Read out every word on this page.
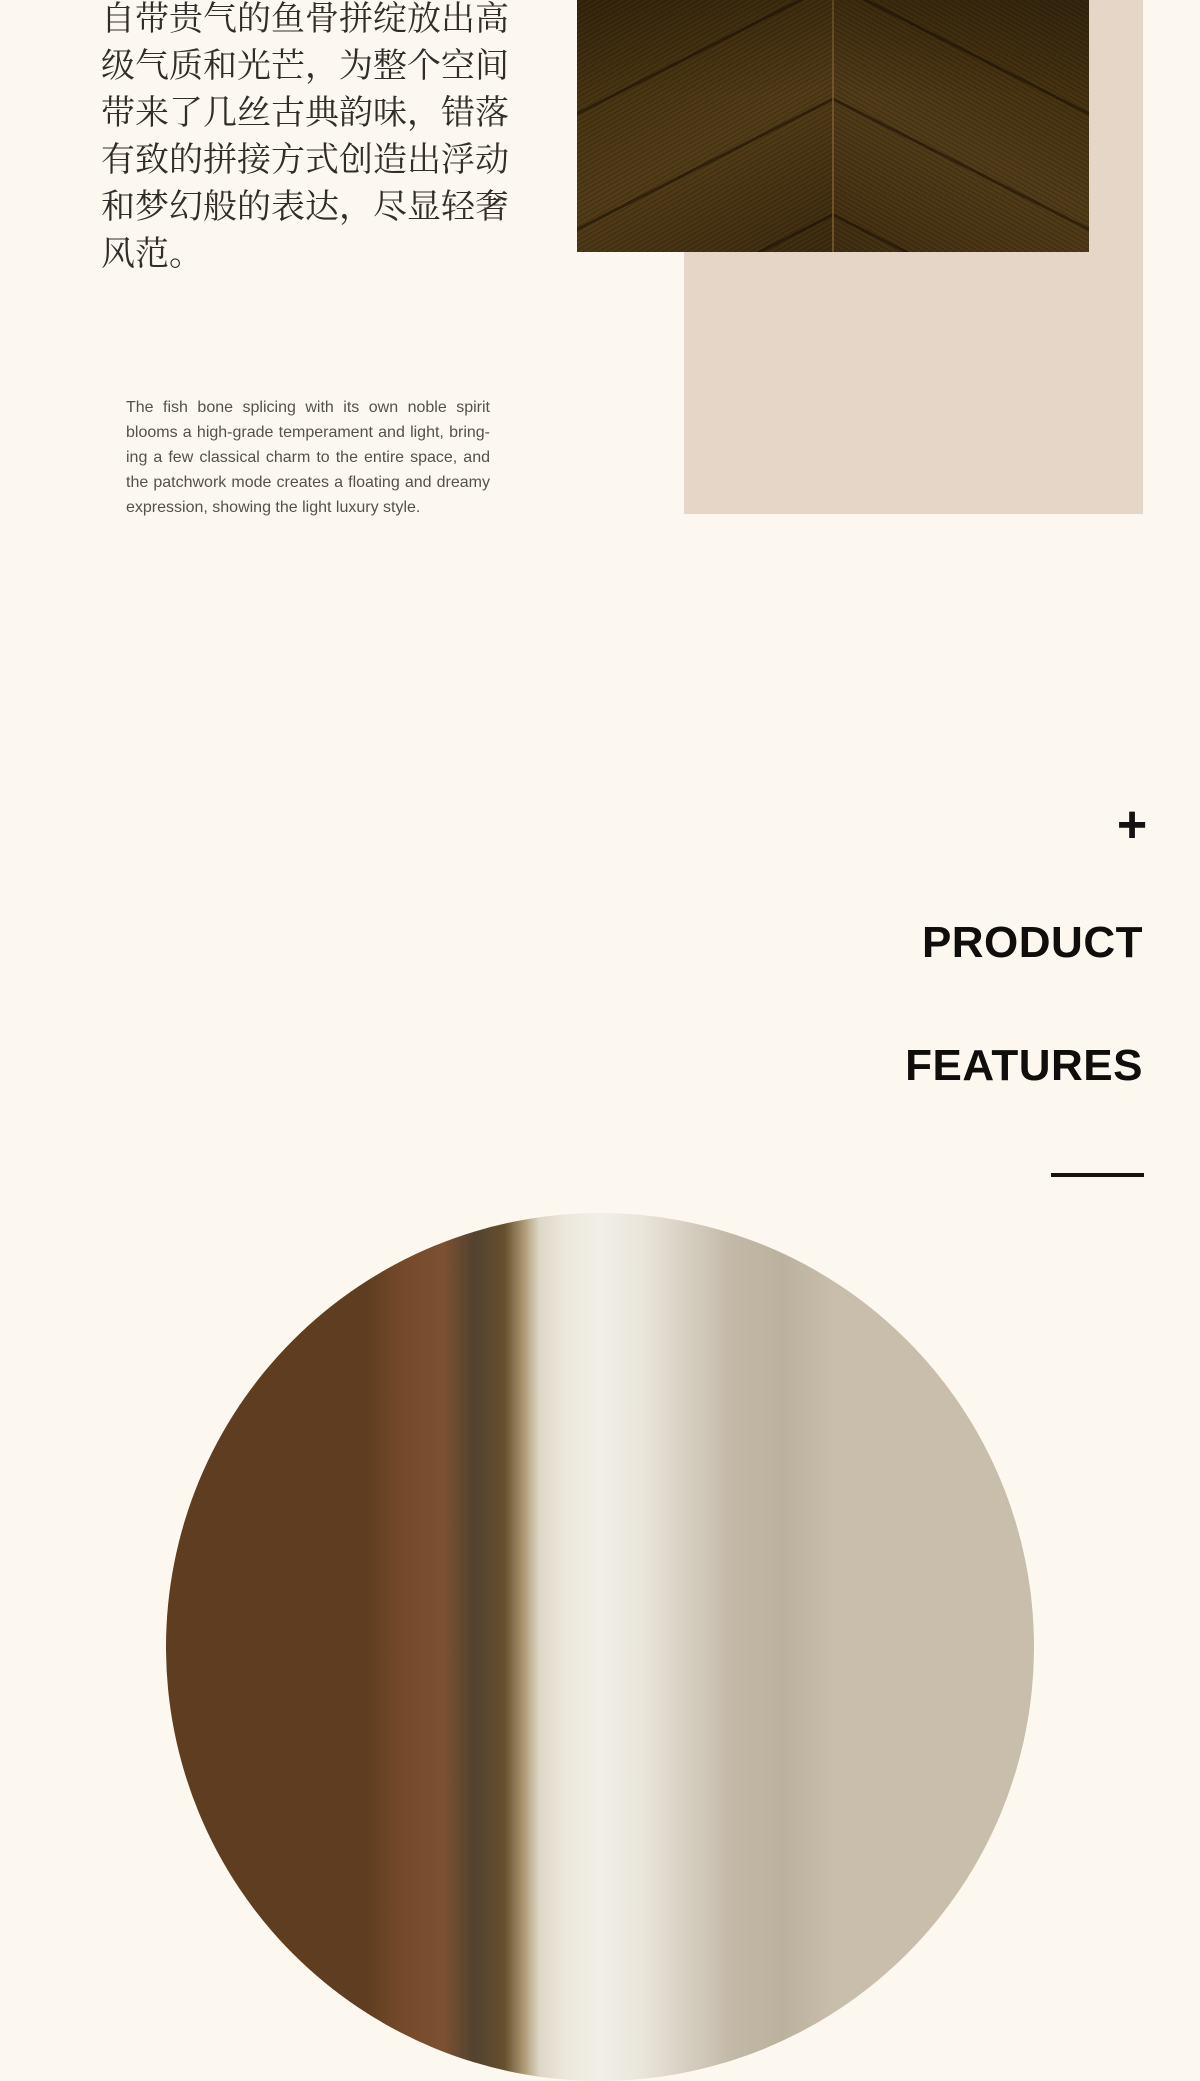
自带贵气的鱼骨拼绽放出高
级气质和光芒，为整个空间
带来了几丝古典韵味，错落
有致的拼接方式创造出浮动
和梦幻般的表达，尽显轻奢
风范。
The fish bone splicing with its own noble spirit
blooms a high-grade temperament and light, bring-
ing a few classical charm to the entire space, and
the patchwork mode creates a floating and dreamy
expression, showing the light luxury style.
+
PRODUCT
FEATURES
